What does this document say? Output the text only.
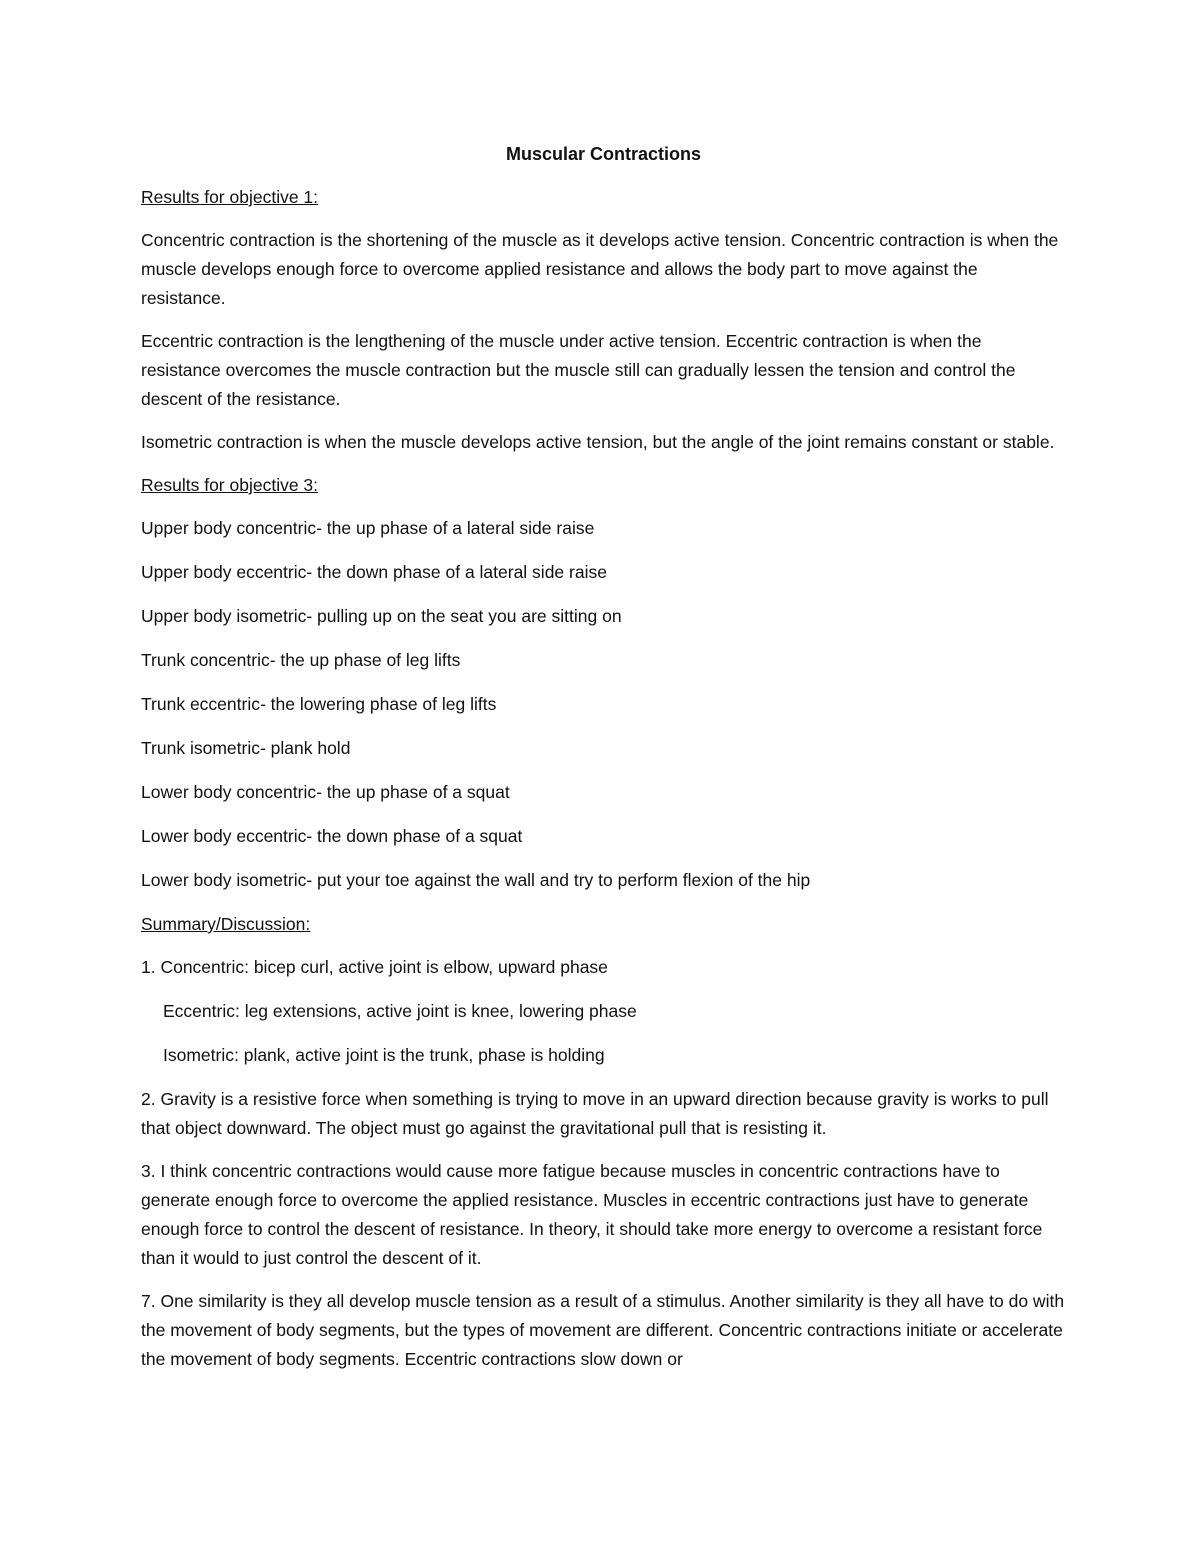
Muscular Contractions
Results for objective 1:
Concentric contraction is the shortening of the muscle as it develops active tension. Concentric contraction is when the muscle develops enough force to overcome applied resistance and allows the body part to move against the resistance.
Eccentric contraction is the lengthening of the muscle under active tension. Eccentric contraction is when the resistance overcomes the muscle contraction but the muscle still can gradually lessen the tension and control the descent of the resistance.
Isometric contraction is when the muscle develops active tension, but the angle of the joint remains constant or stable.
Results for objective 3:
Upper body concentric- the up phase of a lateral side raise
Upper body eccentric- the down phase of a lateral side raise
Upper body isometric- pulling up on the seat you are sitting on
Trunk concentric- the up phase of leg lifts
Trunk eccentric- the lowering phase of leg lifts
Trunk isometric- plank hold
Lower body concentric- the up phase of a squat
Lower body eccentric- the down phase of a squat
Lower body isometric- put your toe against the wall and try to perform flexion of the hip
Summary/Discussion:
1. Concentric: bicep curl, active joint is elbow, upward phase
Eccentric: leg extensions, active joint is knee, lowering phase
Isometric: plank, active joint is the trunk, phase is holding
2. Gravity is a resistive force when something is trying to move in an upward direction because gravity is works to pull that object downward. The object must go against the gravitational pull that is resisting it.
3. I think concentric contractions would cause more fatigue because muscles in concentric contractions have to generate enough force to overcome the applied resistance. Muscles in eccentric contractions just have to generate enough force to control the descent of resistance. In theory, it should take more energy to overcome a resistant force than it would to just control the descent of it.
7. One similarity is they all develop muscle tension as a result of a stimulus. Another similarity is they all have to do with the movement of body segments, but the types of movement are different. Concentric contractions initiate or accelerate the movement of body segments. Eccentric contractions slow down or
